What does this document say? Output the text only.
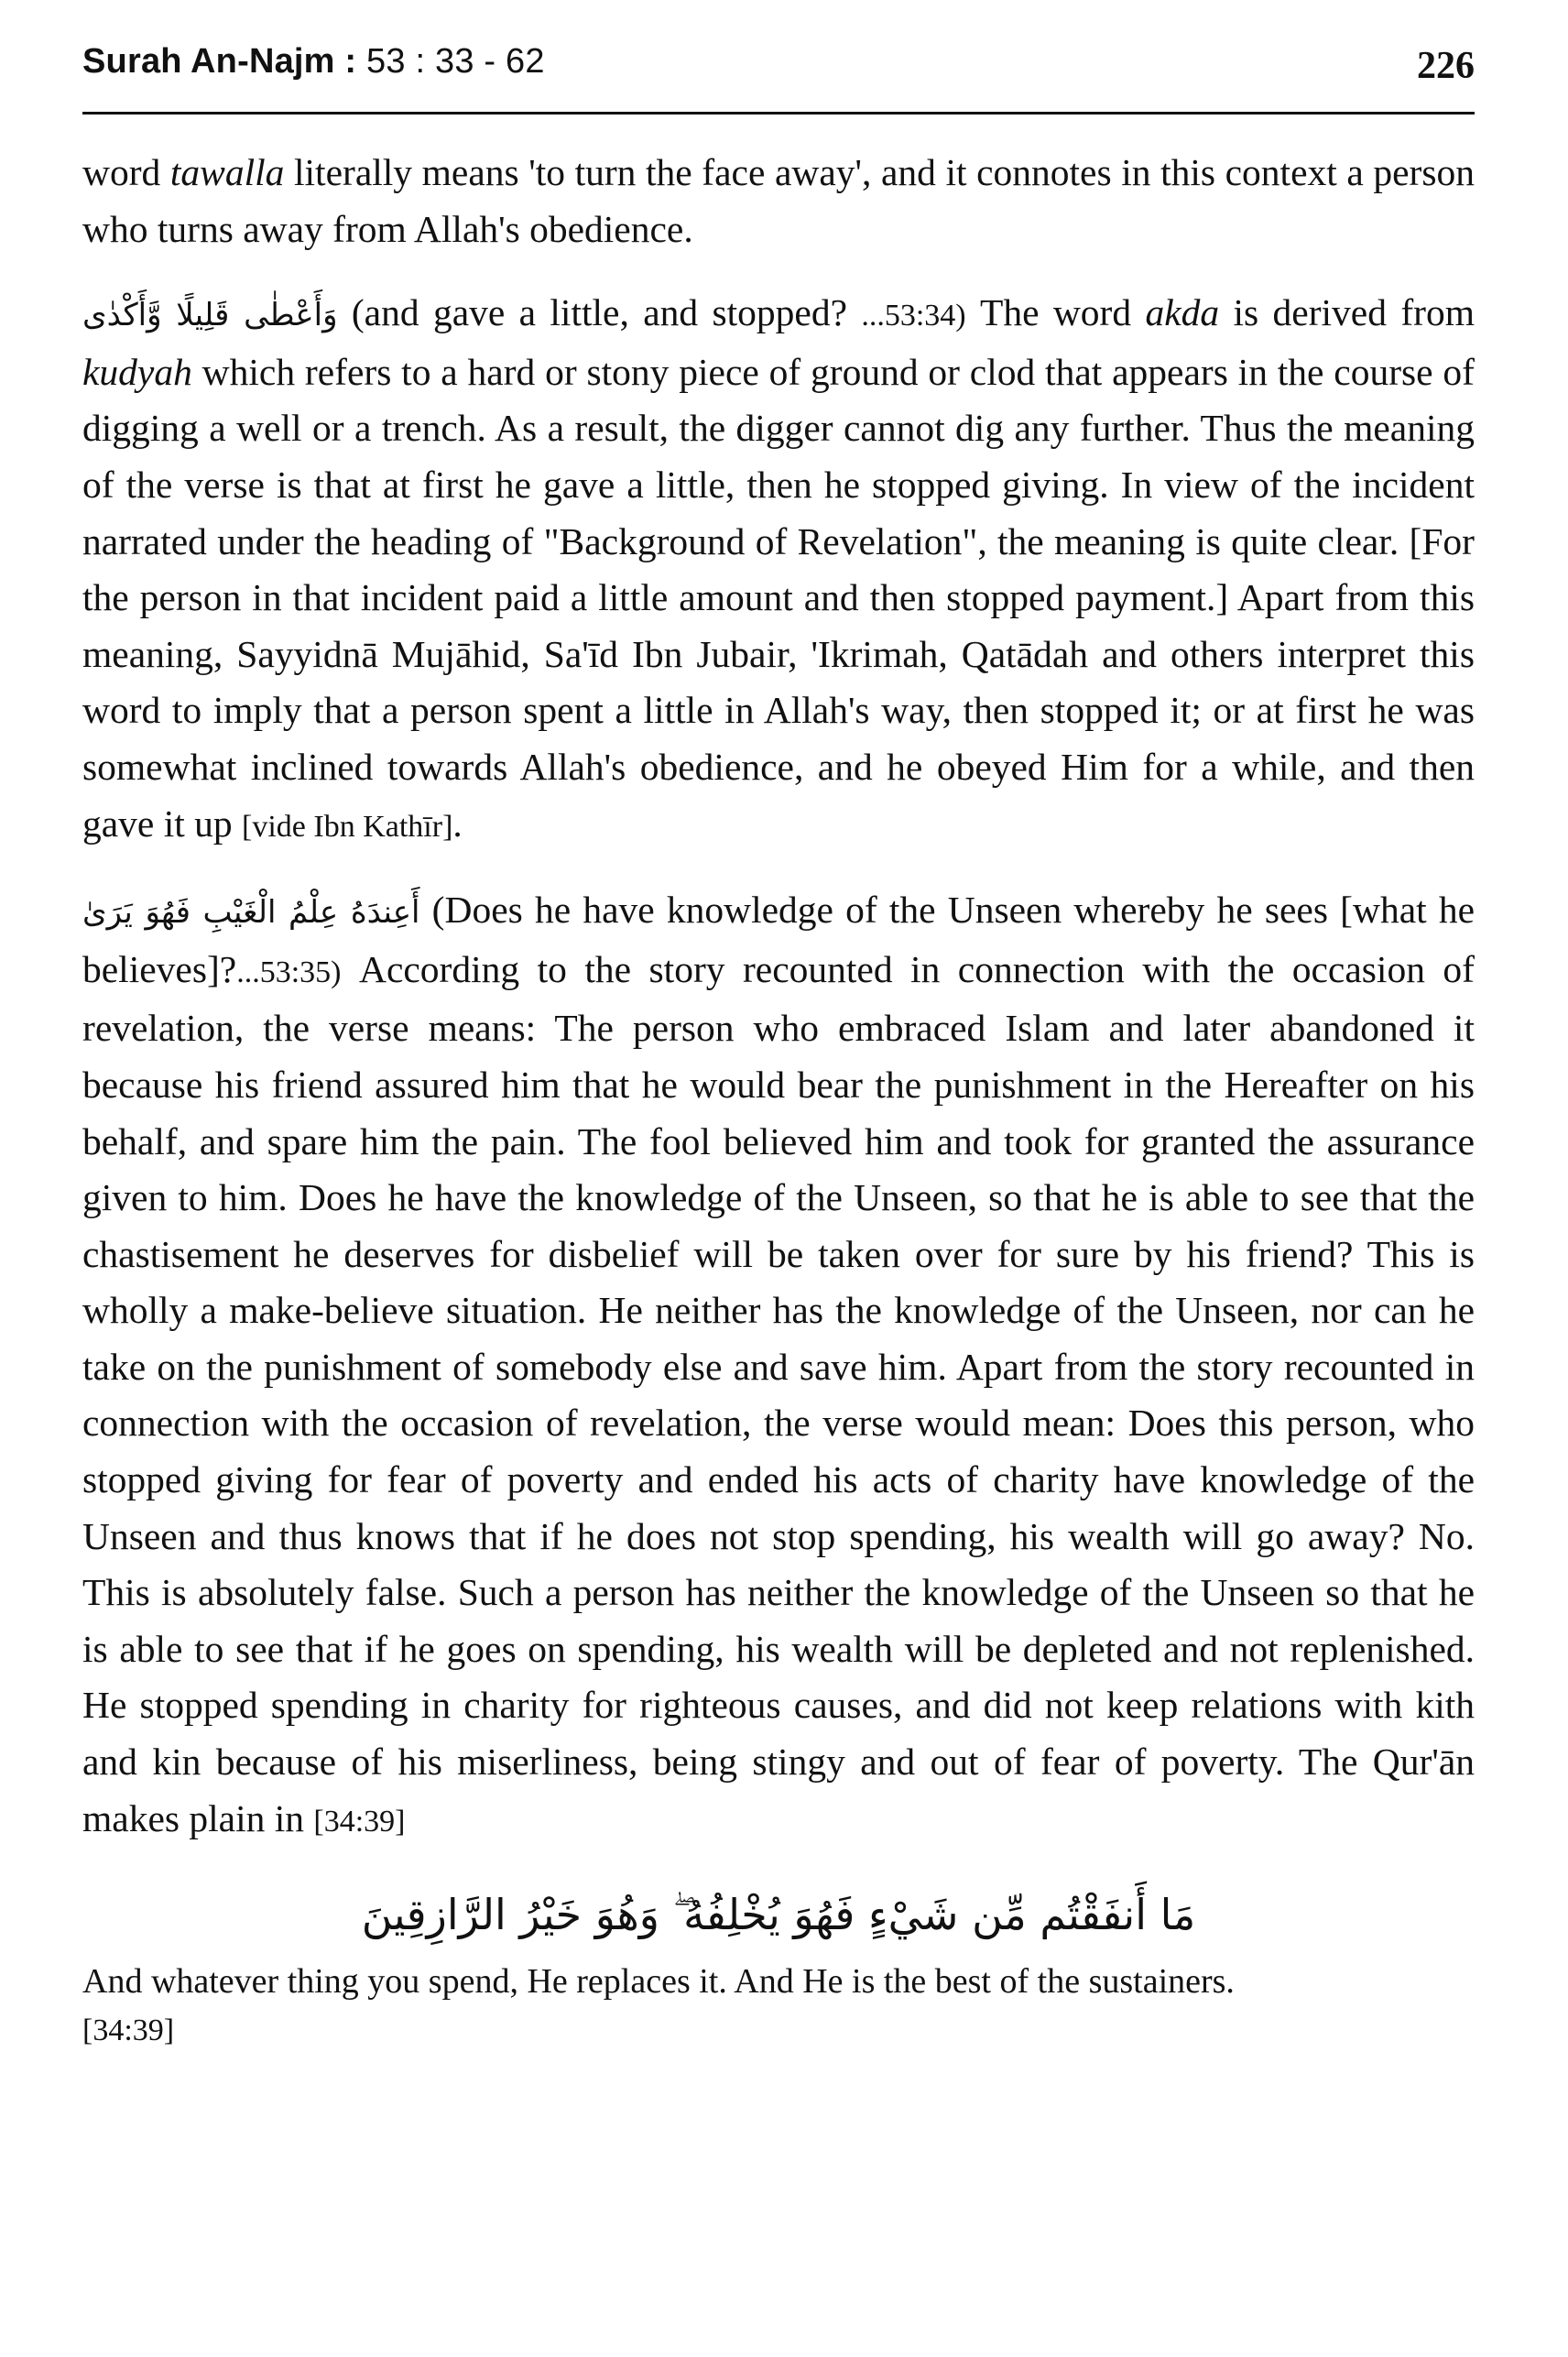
Surah An-Najm : 53 : 33 - 62	226

word tawalla literally means 'to turn the face away', and it connotes in this context a person who turns away from Allah's obedience.

وَأَعْطٰى قَلِيلًا وَّأَكْدٰى (and gave a little, and stopped? ...53:34) The word akda is derived from kudyah which refers to a hard or stony piece of ground or clod that appears in the course of digging a well or a trench. As a result, the digger cannot dig any further. Thus the meaning of the verse is that at first he gave a little, then he stopped giving. In view of the incident narrated under the heading of "Background of Revelation", the meaning is quite clear. [For the person in that incident paid a little amount and then stopped payment.] Apart from this meaning, Sayyidnā Mujāhid, Sa'īd Ibn Jubair, 'Ikrimah, Qatādah and others interpret this word to imply that a person spent a little in Allah's way, then stopped it; or at first he was somewhat inclined towards Allah's obedience, and he obeyed Him for a while, and then gave it up [vide Ibn Kathīr].

أَعِندَهُ عِلْمُ الْغَيْبِ فَهُوَ يَرَىٰ (Does he have knowledge of the Unseen whereby he sees [what he believes]?...53:35) According to the story recounted in connection with the occasion of revelation, the verse means: The person who embraced Islam and later abandoned it because his friend assured him that he would bear the punishment in the Hereafter on his behalf, and spare him the pain. The fool believed him and took for granted the assurance given to him. Does he have the knowledge of the Unseen, so that he is able to see that the chastisement he deserves for disbelief will be taken over for sure by his friend? This is wholly a make-believe situation. He neither has the knowledge of the Unseen, nor can he take on the punishment of somebody else and save him. Apart from the story recounted in connection with the occasion of revelation, the verse would mean: Does this person, who stopped giving for fear of poverty and ended his acts of charity have knowledge of the Unseen and thus knows that if he does not stop spending, his wealth will go away? No. This is absolutely false. Such a person has neither the knowledge of the Unseen so that he is able to see that if he goes on spending, his wealth will be depleted and not replenished. He stopped spending in charity for righteous causes, and did not keep relations with kith and kin because of his miserliness, being stingy and out of fear of poverty. The Qur'ān makes plain in [34:39]

مَا أَنفَقْتُم مِّن شَيْءٍ فَهُوَ يُخْلِفُهُ ۖ وَهُوَ خَيْرُ الرَّازِقِينَ

And whatever thing you spend, He replaces it. And He is the best of the sustainers. [34:39]
